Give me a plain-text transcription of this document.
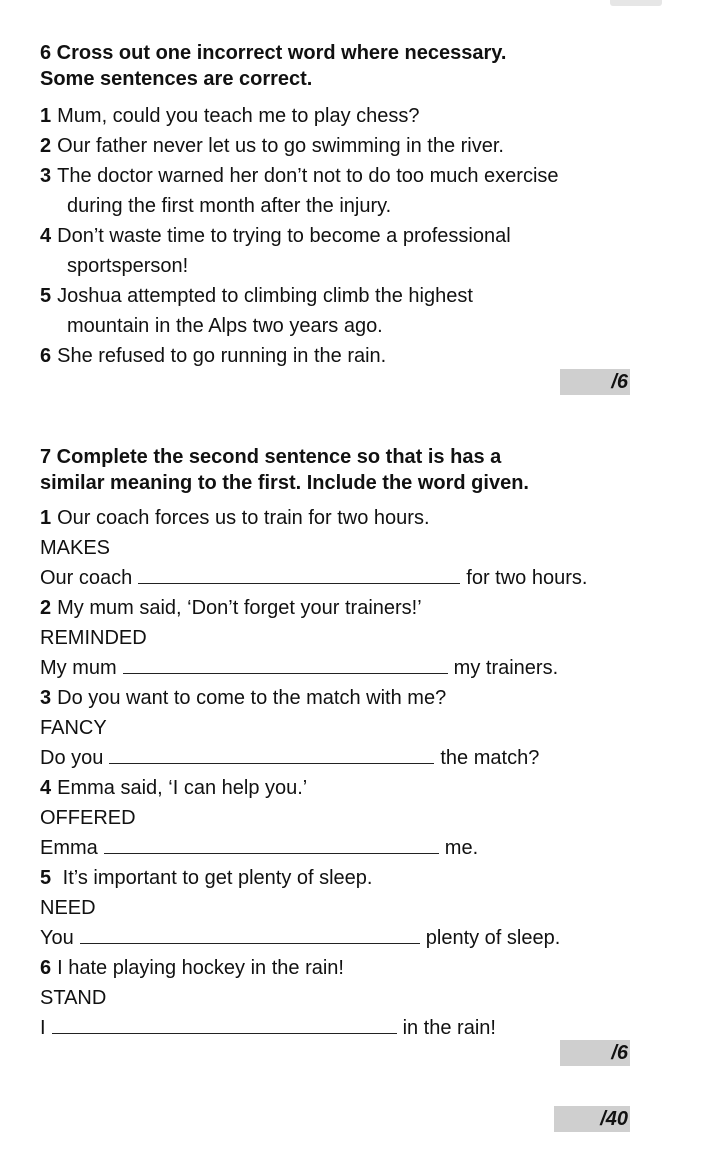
6 Cross out one incorrect word where necessary.
Some sentences are correct.
1 Mum, could you teach me to play chess?
2 Our father never let us to go swimming in the river.
3 The doctor warned her don’t not to do too much exercise
during the first month after the injury.
4 Don’t waste time to trying to become a professional
sportsperson!
5 Joshua attempted to climbing climb the highest
mountain in the Alps two years ago.
6 She refused to go running in the rain.
/6
7 Complete the second sentence so that is has a
similar meaning to the first. Include the word given.
1 Our coach forces us to train for two hours.
MAKES
Our coach	for two hours.
2 My mum said, ‘Don’t forget your trainers!’
REMINDED
My mum	my trainers.
3 Do you want to come to the match with me?
FANCY
Do you	the match?
4 Emma said, ‘I can help you.’
OFFERED
Emma	me.
5 It’s important to get plenty of sleep.
NEED
You	plenty of sleep.
6 I hate playing hockey in the rain!
STAND
I	in the rain!
/6
/40
